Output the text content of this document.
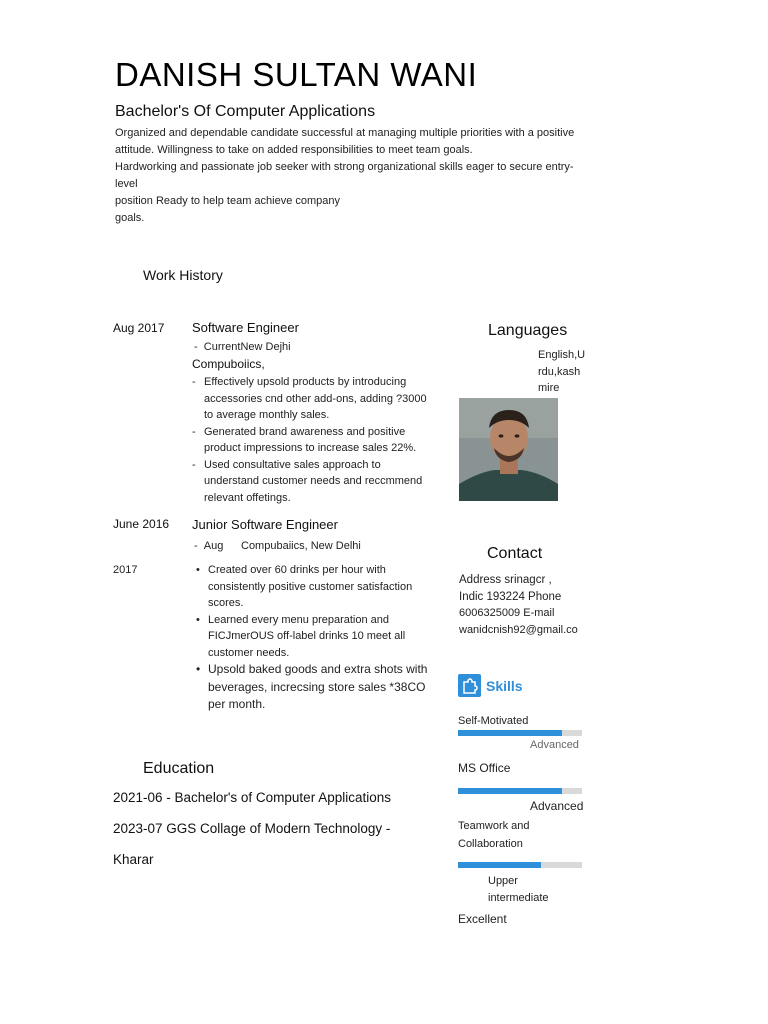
DANISH SULTAN WANI
Bachelor's Of Computer Applications
Organized and dependable candidate successful at managing multiple priorities with a positive
attitude. Willingness to take on added responsibilities to meet team goals.
Hardworking and passionate job seeker with strong organizational skills eager to secure entry-
level
position Ready to help team achieve company
goals.
Work History
Aug 2017 Software Engineer
-  CurrentNew Dejhi
Compuboiics,
- Effectively upsold products by introducing
accessories cnd other add-ons, adding ?3000
to average monthly sales.
- Generated brand awareness and positive
product impressions to increase sales 22%.
- Used consultative sales approach to
understand customer needs and reccmmend
relevant offetings.
June 2016 Junior Software Engineer
-  Aug Compubaiics, New Delhi
2017	• Created over 60 drinks per hour with
consistently positive customer satisfaction
scores.
• Learned every menu preparation and
FICJmerOUS off-label drinks 10 meet all
customer needs.
• Upsold baked goods and extra shots with
beverages, increcsing store sales *38CO
per month.
Education
2021-06 - Bachelor's of Computer Applications
2023-07 GGS Collage of Modern Technology -
Kharar
Languages
English,U
rdu,kash
mire
Contact
Address srinagcr ,
Indic 193224 Phone
6006325009 E-mail
wanidcnish92@gmail.co
Skills
Self-Motivated
Advanced
MS Office
Advanced
Teamwork and
Collaboration
Upper
intermediate
Excellent
